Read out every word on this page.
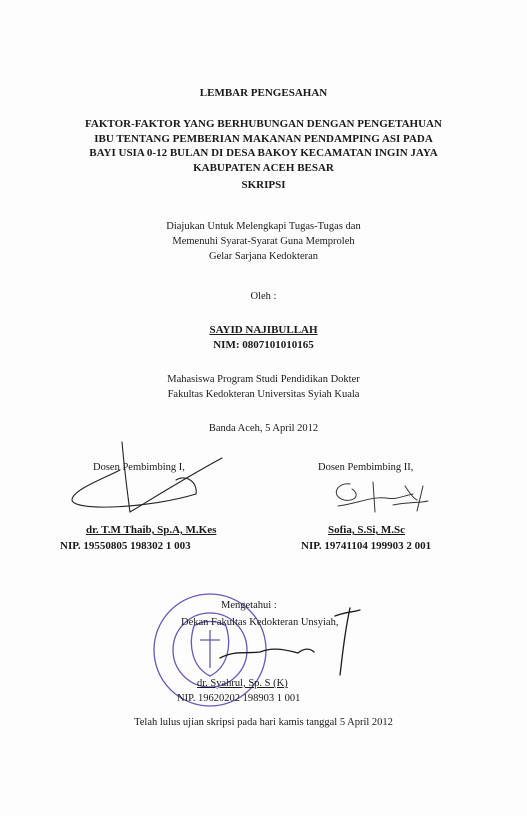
LEMBAR PENGESAHAN
FAKTOR-FAKTOR YANG BERHUBUNGAN DENGAN PENGETAHUAN
IBU TENTANG PEMBERIAN MAKANAN PENDAMPING ASI PADA
BAYI USIA 0-12 BULAN DI DESA BAKOY KECAMATAN INGIN JAYA
KABUPATEN ACEH BESAR
SKRIPSI
Diajukan Untuk Melengkapi Tugas-Tugas dan
Memenuhi Syarat-Syarat Guna Memproleh
Gelar Sarjana Kedokteran
Oleh :
SAYID NAJIBULLAH
NIM: 0807101010165
Mahasiswa Program Studi Pendidikan Dokter
Fakultas Kedokteran Universitas Syiah Kuala
Banda Aceh, 5 April 2012
Dosen Pembimbing I,
dr. T.M Thaib, Sp.A, M.Kes
NIP. 19550805 198302 1 003
Dosen Pembimbing II,
Sofia, S.Si, M.Sc
NIP. 19741104 199903 2 001
Mengetahui :
Dekan Fakultas Kedokteran Unsyiah,
dr. Syahrul, Sp. S (K)
NIP. 19620202 198903 1 001
Telah lulus ujian skripsi pada hari kamis tanggal 5 April 2012
